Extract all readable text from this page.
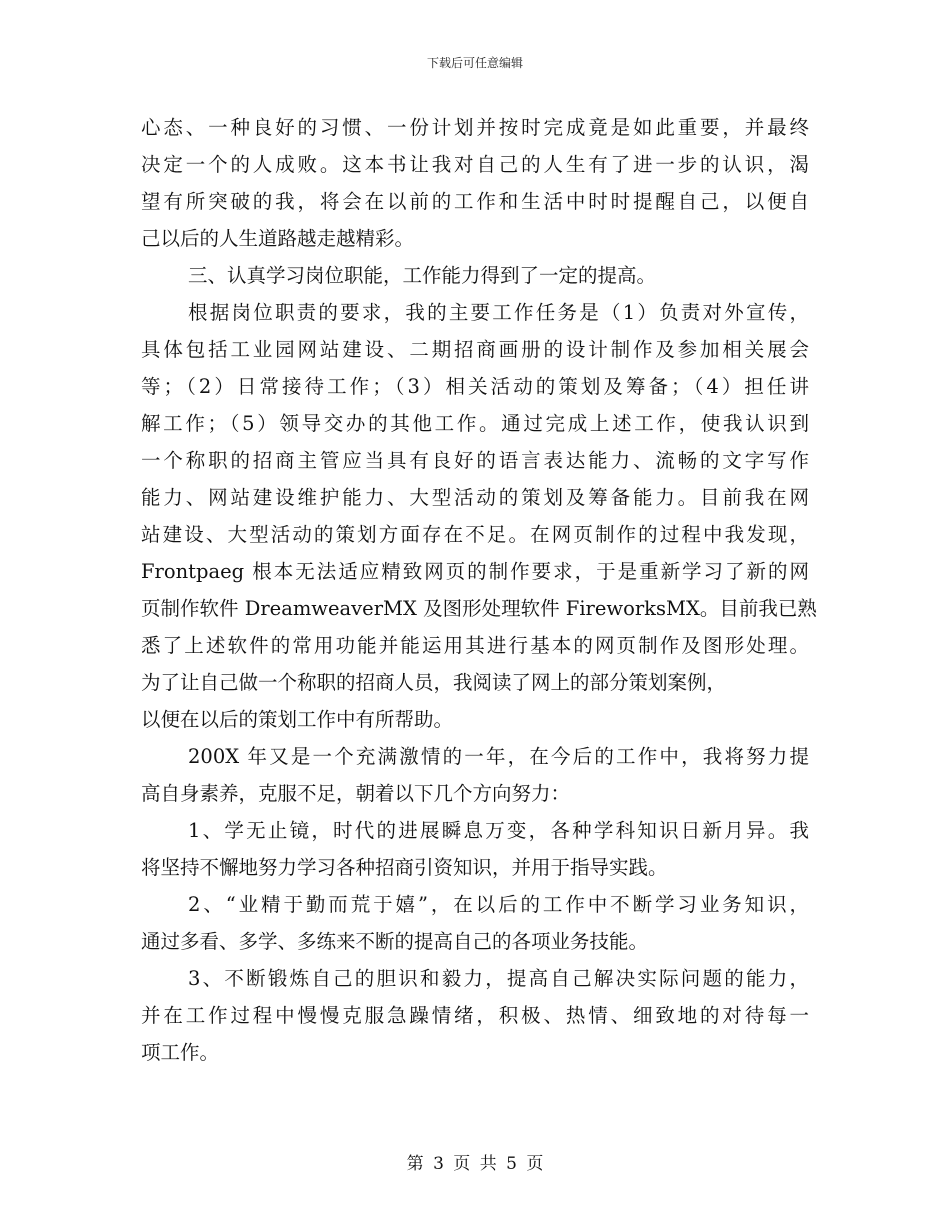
下载后可任意编辑
心态、一种良好的习惯、一份计划并按时完成竟是如此重要，并最终
决定一个的人成败。这本书让我对自己的人生有了进一步的认识，渴
望有所突破的我，将会在以前的工作和生活中时时提醒自己，以便自
己以后的人生道路越走越精彩。
三、认真学习岗位职能，工作能力得到了一定的提高。
根据岗位职责的要求，我的主要工作任务是（1）负责对外宣传，
具体包括工业园网站建设、二期招商画册的设计制作及参加相关展会
等；（2）日常接待工作；（3）相关活动的策划及筹备；（4）担任讲
解工作；（5）领导交办的其他工作。通过完成上述工作，使我认识到
一个称职的招商主管应当具有良好的语言表达能力、流畅的文字写作
能力、网站建设维护能力、大型活动的策划及筹备能力。目前我在网
站建设、大型活动的策划方面存在不足。在网页制作的过程中我发现，
Frontpaeg 根本无法适应精致网页的制作要求，于是重新学习了新的网
页制作软件 DreamweaverMX 及图形处理软件 FireworksMX。目前我已熟
悉了上述软件的常用功能并能运用其进行基本的网页制作及图形处理。
为了让自己做一个称职的招商人员，我阅读了网上的部分策划案例，
以便在以后的策划工作中有所帮助。
200X 年又是一个充满激情的一年，在今后的工作中，我将努力提
高自身素养，克服不足，朝着以下几个方向努力：
1、学无止镜，时代的进展瞬息万变，各种学科知识日新月异。我
将坚持不懈地努力学习各种招商引资知识，并用于指导实践。
2、“业精于勤而荒于嬉”，在以后的工作中不断学习业务知识，
通过多看、多学、多练来不断的提高自己的各项业务技能。
3、不断锻炼自己的胆识和毅力，提高自己解决实际问题的能力，
并在工作过程中慢慢克服急躁情绪，积极、热情、细致地的对待每一
项工作。
第 3 页 共 5 页
